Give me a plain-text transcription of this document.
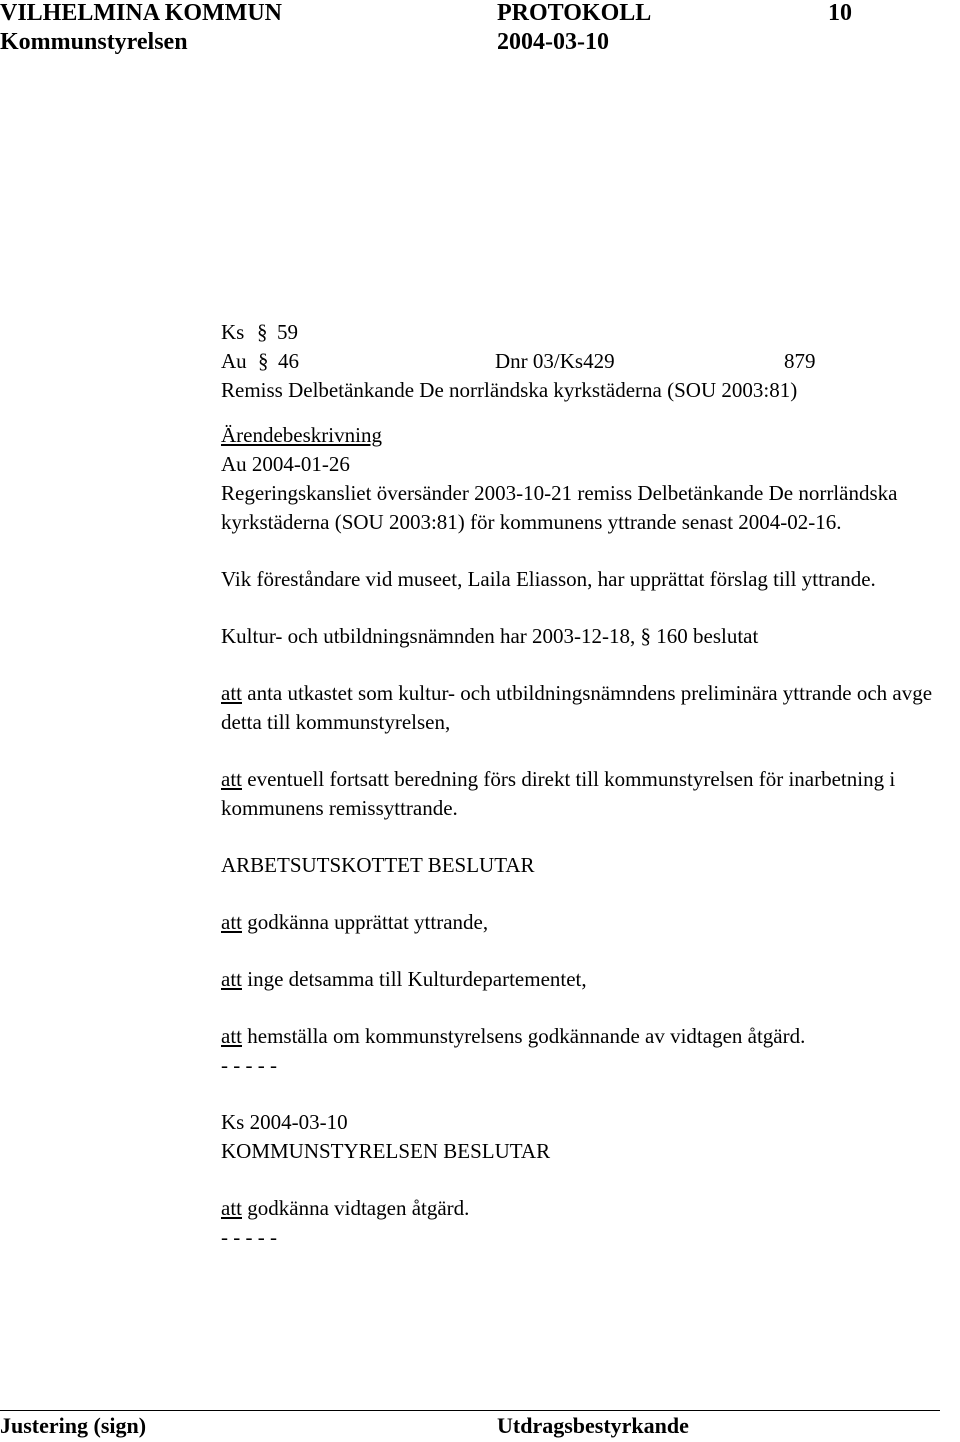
VILHELMINA KOMMUN	PROTOKOLL	10
Kommunstyrelsen	2004-03-10
Ks § 59
Au § 46	Dnr 03/Ks429	879

Remiss Delbetänkande De norrländska kyrkstäderna (SOU 2003:81)

Ärendebeskrivning

Au 2004-01-26

Regeringskansliet översänder 2003-10-21 remiss Delbetänkande De norrländska kyrkstäderna (SOU 2003:81) för kommunens yttrande senast 2004-02-16.

Vik föreståndare vid museet, Laila Eliasson, har upprättat förslag till yttrande.

Kultur- och utbildningsnämnden har 2003-12-18, § 160 beslutat

att anta utkastet som kultur- och utbildningsnämndens preliminära yttrande och avge detta till kommunstyrelsen,

att eventuell fortsatt beredning förs direkt till kommunstyrelsen för inarbetning i kommunens remissyttrande.

ARBETSUTSKOTTET BESLUTAR

att godkänna upprättat yttrande,

att inge detsamma till Kulturdepartementet,

att hemställa om kommunstyrelsens godkännande av vidtagen åtgärd.

- - - - -

Ks 2004-03-10

KOMMUNSTYRELSEN BESLUTAR

att godkänna vidtagen åtgärd.

- - - - -

Justering (sign)	Utdragsbestyrkande
